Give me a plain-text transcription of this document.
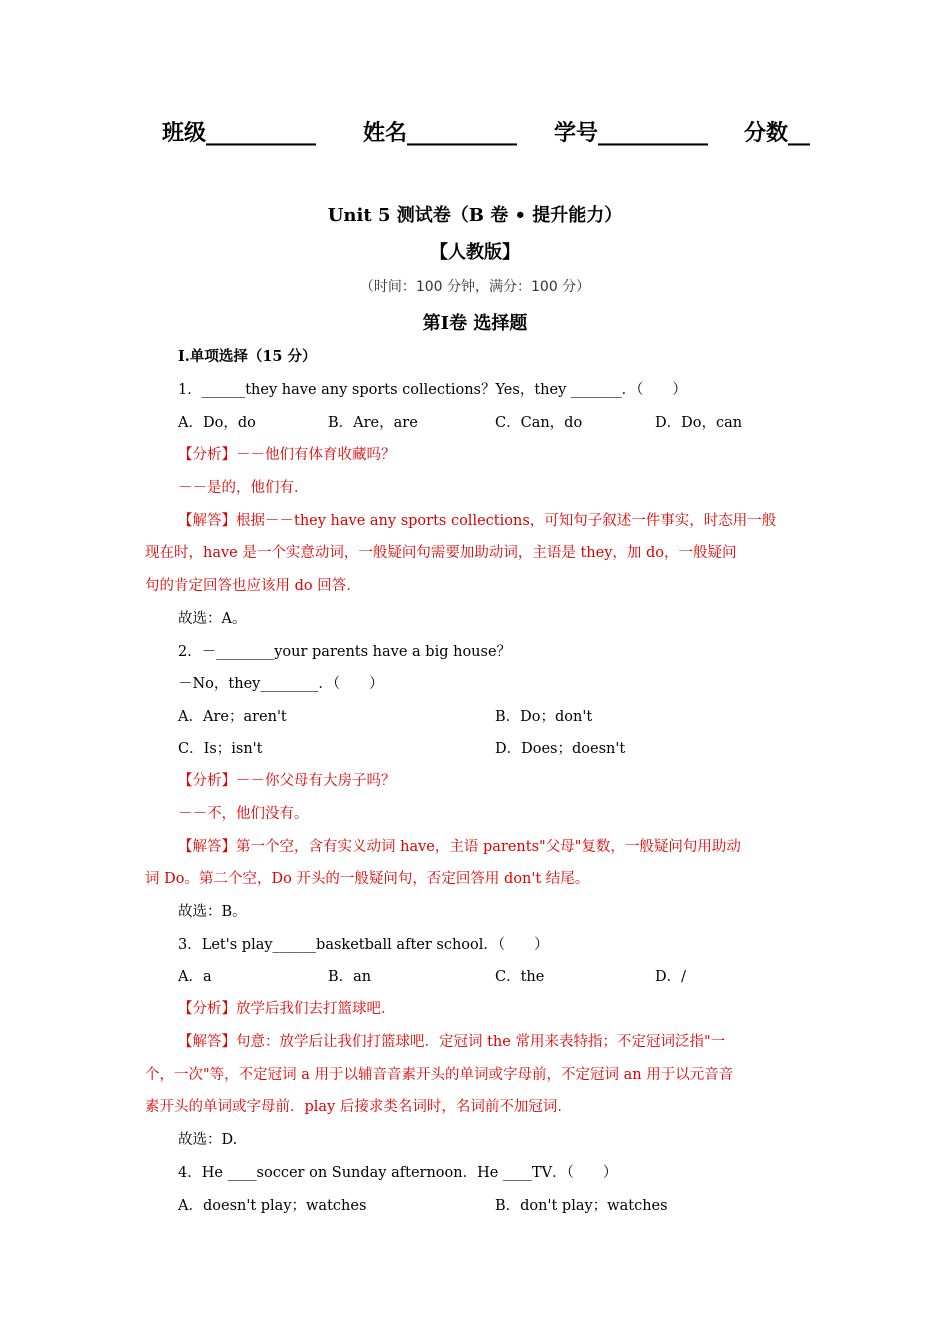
班级__________ 姓名__________ 学号__________ 分数__
Unit 5 测试卷（B 卷 • 提升能力）
【人教版】
（时间：100 分钟，满分：100 分）
第Ⅰ卷 选择题
Ⅰ.单项选择（15 分）
1．______they have any sports collections？Yes，they _______．（　　）
A．Do，do	B．Are，are	C．Can，do	D．Do，can
【分析】－－他们有体育收藏吗？
－－是的，他们有．
【解答】根据－－they have any sports collections，可知句子叙述一件事实，时态用一般
现在时，have 是一个实意动词，一般疑问句需要加助动词，主语是 they，加 do，一般疑问
句的肯定回答也应该用 do 回答．
故选：A。
2．－________your parents have a big house？
－No，they________．（　　）
A．Are；aren't	B．Do；don't
C．Is；isn't	D．Does；doesn't
【分析】－－你父母有大房子吗？
－－不，他们没有。
【解答】第一个空，含有实义动词 have，主语 parents"父母"复数，一般疑问句用助动
词 Do。第二个空，Do 开头的一般疑问句，否定回答用 don't 结尾。
故选：B。
3．Let's play______basketball after school．（　　）
A．a	B．an	C．the	D．/
【分析】放学后我们去打篮球吧．
【解答】句意：放学后让我们打篮球吧．定冠词 the 常用来表特指；不定冠词泛指"一
个，一次"等，不定冠词 a 用于以辅音音素开头的单词或字母前，不定冠词 an 用于以元音音
素开头的单词或字母前．play 后接求类名词时，名词前不加冠词．
故选：D.
4．He ____soccer on Sunday afternoon．He ____TV．（　　）
A．doesn't play；watches	B．don't play；watches
